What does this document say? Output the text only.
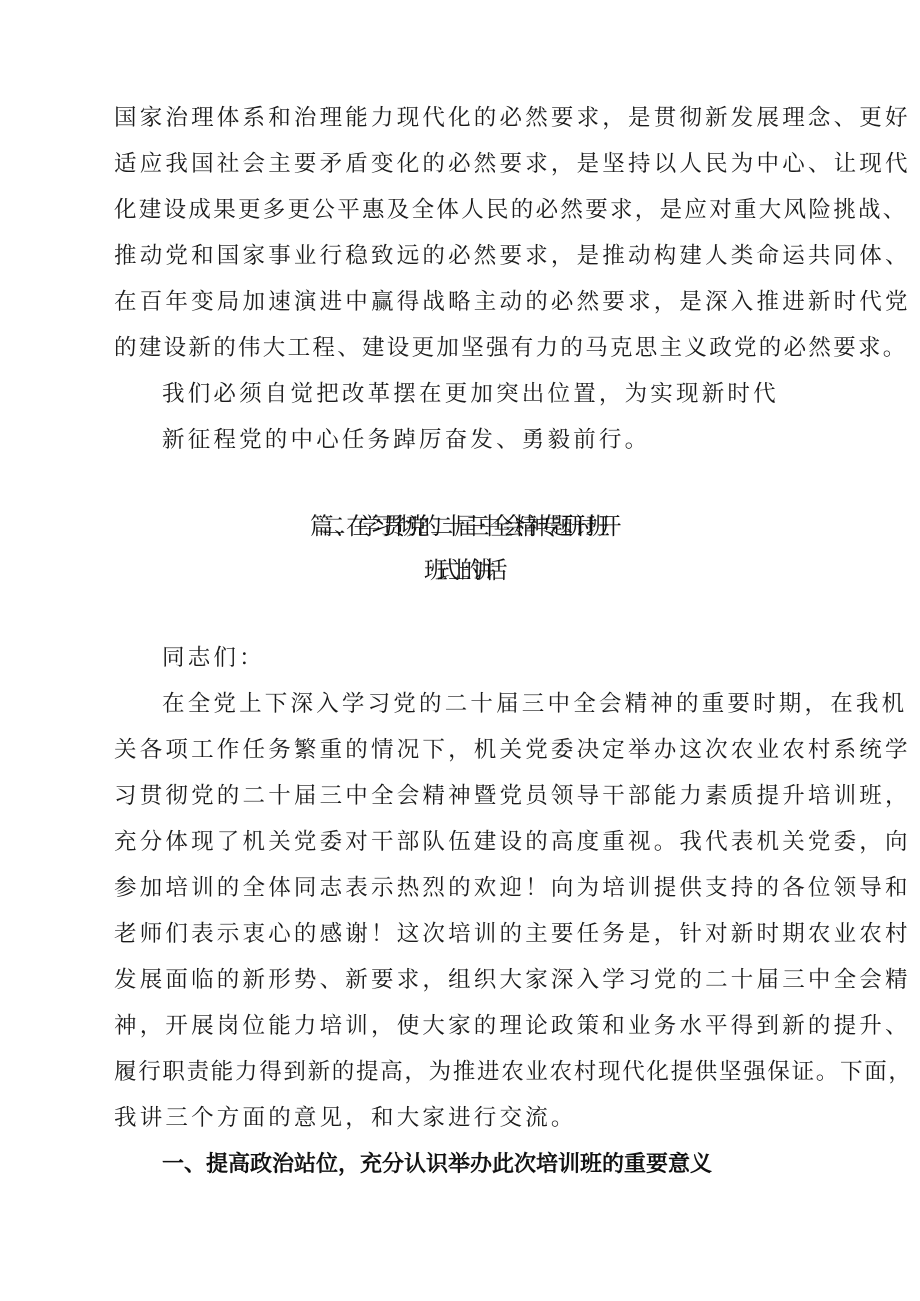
国家治理体系和治理能力现代化的必然要求，是贯彻新发展理念、更好
适应我国社会主要矛盾变化的必然要求，是坚持以人民为中心、让现代
化建设成果更多更公平惠及全体人民的必然要求，是应对重大风险挑战、
推动党和国家事业行稳致远的必然要求，是推动构建人类命运共同体、
在百年变局加速演进中赢得战略主动的必然要求，是深入推进新时代党
的建设新的伟大工程、建设更加坚强有力的马克思主义政党的必然要求。
我们必须自觉把改革摆在更加突出位置，为实现新时代
新征程党的中心任务踔厉奋发、勇毅前行。
篇二、在学习贯彻党的二十届三中全会精神专题研讨班开
班式上的讲话
同志们：
在全党上下深入学习党的二十届三中全会精神的重要时期，在我机
关各项工作任务繁重的情况下，机关党委决定举办这次农业农村系统学
习贯彻党的二十届三中全会精神暨党员领导干部能力素质提升培训班，
充分体现了机关党委对干部队伍建设的高度重视。我代表机关党委，向
参加培训的全体同志表示热烈的欢迎！向为培训提供支持的各位领导和
老师们表示衷心的感谢！这次培训的主要任务是，针对新时期农业农村
发展面临的新形势、新要求，组织大家深入学习党的二十届三中全会精
神，开展岗位能力培训，使大家的理论政策和业务水平得到新的提升、
履行职责能力得到新的提高，为推进农业农村现代化提供坚强保证。下面，
我讲三个方面的意见，和大家进行交流。
一、提高政治站位，充分认识举办此次培训班的重要意义
